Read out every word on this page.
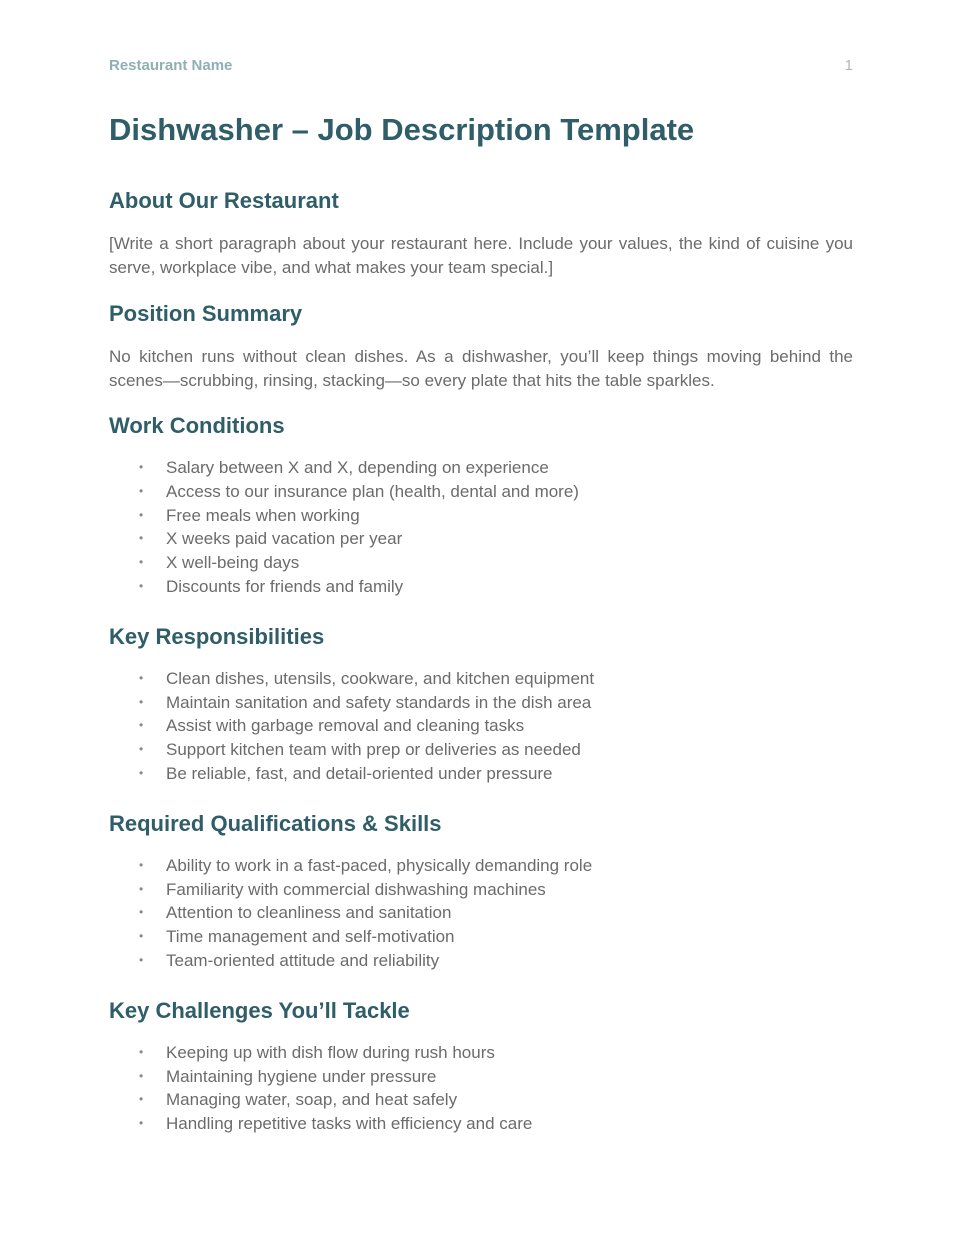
Restaurant Name	1
Dishwasher – Job Description Template
About Our Restaurant

[Write a short paragraph about your restaurant here. Include your values, the kind of cuisine you serve, workplace vibe, and what makes your team special.]

Position Summary

No kitchen runs without clean dishes. As a dishwasher, you’ll keep things moving behind the scenes—scrubbing, rinsing, stacking—so every plate that hits the table sparkles.

Work Conditions
• Salary between X and X, depending on experience
• Access to our insurance plan (health, dental and more)
• Free meals when working
• X weeks paid vacation per year
• X well-being days
• Discounts for friends and family
Key Responsibilities
• Clean dishes, utensils, cookware, and kitchen equipment
• Maintain sanitation and safety standards in the dish area
• Assist with garbage removal and cleaning tasks
• Support kitchen team with prep or deliveries as needed
• Be reliable, fast, and detail-oriented under pressure
Required Qualifications & Skills
• Ability to work in a fast-paced, physically demanding role
• Familiarity with commercial dishwashing machines
• Attention to cleanliness and sanitation
• Time management and self-motivation
• Team-oriented attitude and reliability
Key Challenges You’ll Tackle
• Keeping up with dish flow during rush hours
• Maintaining hygiene under pressure
• Managing water, soap, and heat safely
• Handling repetitive tasks with efficiency and care
